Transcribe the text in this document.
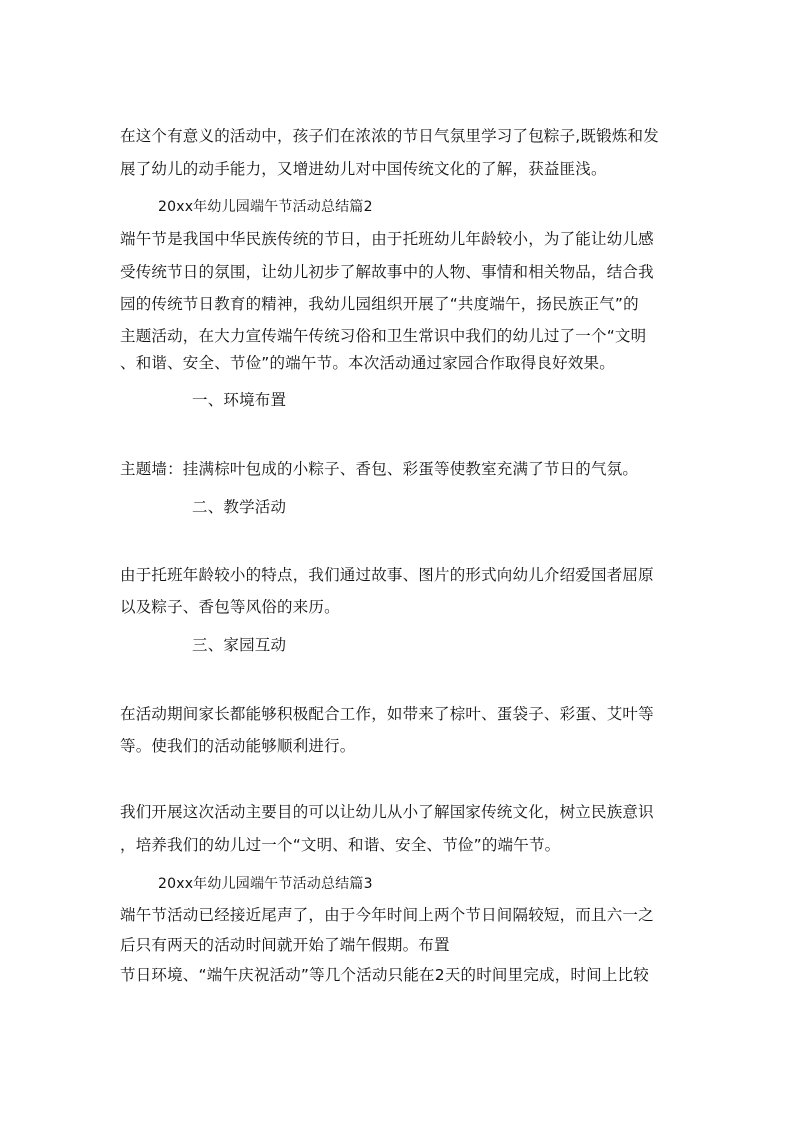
在这个有意义的活动中，孩子们在浓浓的节日气氛里学习了包粽子,既锻炼和发
展了幼儿的动手能力，又增进幼儿对中国传统文化的了解，获益匪浅。
20xx年幼儿园端午节活动总结篇2
端午节是我国中华民族传统的节日，由于托班幼儿年龄较小，为了能让幼儿感
受传统节日的氛围，让幼儿初步了解故事中的人物、事情和相关物品，结合我
园的传统节日教育的精神，我幼儿园组织开展了“共度端午，扬民族正气”的
主题活动，在大力宣传端午传统习俗和卫生常识中我们的幼儿过了一个“文明
、和谐、安全、节俭”的端午节。本次活动通过家园合作取得良好效果。
一、环境布置
主题墙：挂满棕叶包成的小粽子、香包、彩蛋等使教室充满了节日的气氛。
二、教学活动
由于托班年龄较小的特点，我们通过故事、图片的形式向幼儿介绍爱国者屈原
以及粽子、香包等风俗的来历。
三、家园互动
在活动期间家长都能够积极配合工作，如带来了棕叶、蛋袋子、彩蛋、艾叶等
等。使我们的活动能够顺利进行。
我们开展这次活动主要目的可以让幼儿从小了解国家传统文化，树立民族意识
，培养我们的幼儿过一个“文明、和谐、安全、节俭”的端午节。
20xx年幼儿园端午节活动总结篇3
端午节活动已经接近尾声了，由于今年时间上两个节日间隔较短，而且六一之
后只有两天的活动时间就开始了端午假期。布置
节日环境、“端午庆祝活动”等几个活动只能在2天的时间里完成，时间上比较
